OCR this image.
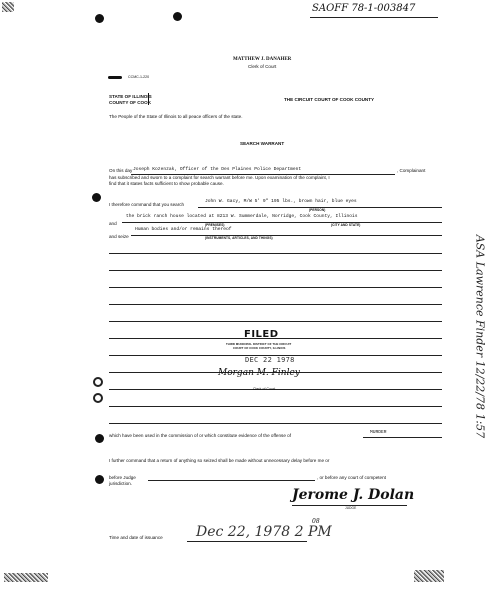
SAOFF 78-1-003847
MATTHEW J. DANAHER
Clerk of Court
CCMC-1-220
STATE OF ILLINOIS
COUNTY OF COOK
THE CIRCUIT COURT OF COOK COUNTY
The People of the State of Illinois to all peace officers of the state.
SEARCH WARRANT
On this day Joseph Kozenzak, Officer of the Des Plaines Police Department	, Complainant
has subscribed and sworn to a complaint for search warrant before me. Upon examination of the complaint, I
find that it states facts sufficient to show probable cause.
I therefore command that you search
John W. Gacy, M/W 5' 9" 195 lbs., brown hair, blue eyes
(PERSON)
and
the brick ranch house located at 8213 W. Summerdale, Norridge, Cook County, Illinois
(PREMISES)	(CITY AND STATE)
and seize
Human bodies and/or remains thereof
(INSTRUMENTS, ARTICLES, AND THINGS)
FILED
THIRD MUNICIPAL DISTRICT OF THE CIRCUIT
COURT OF COOK COUNTY, ILLINOIS
DEC 22 1978
Morgan M. Finley
Clerk of Court
which have been used in the commission of or which constitute evidence of the offense of
MURDER
I further command that a return of anything so seized shall be made without unnecessary delay before me or
before Judge	, or before any court of competent
jurisdiction.
Jerome J. Dolan
JUDGE
Time and date of issuance Dec 22, 1978 2 PM
08
ASA Lawrence Finder 12/22/78 1:57
